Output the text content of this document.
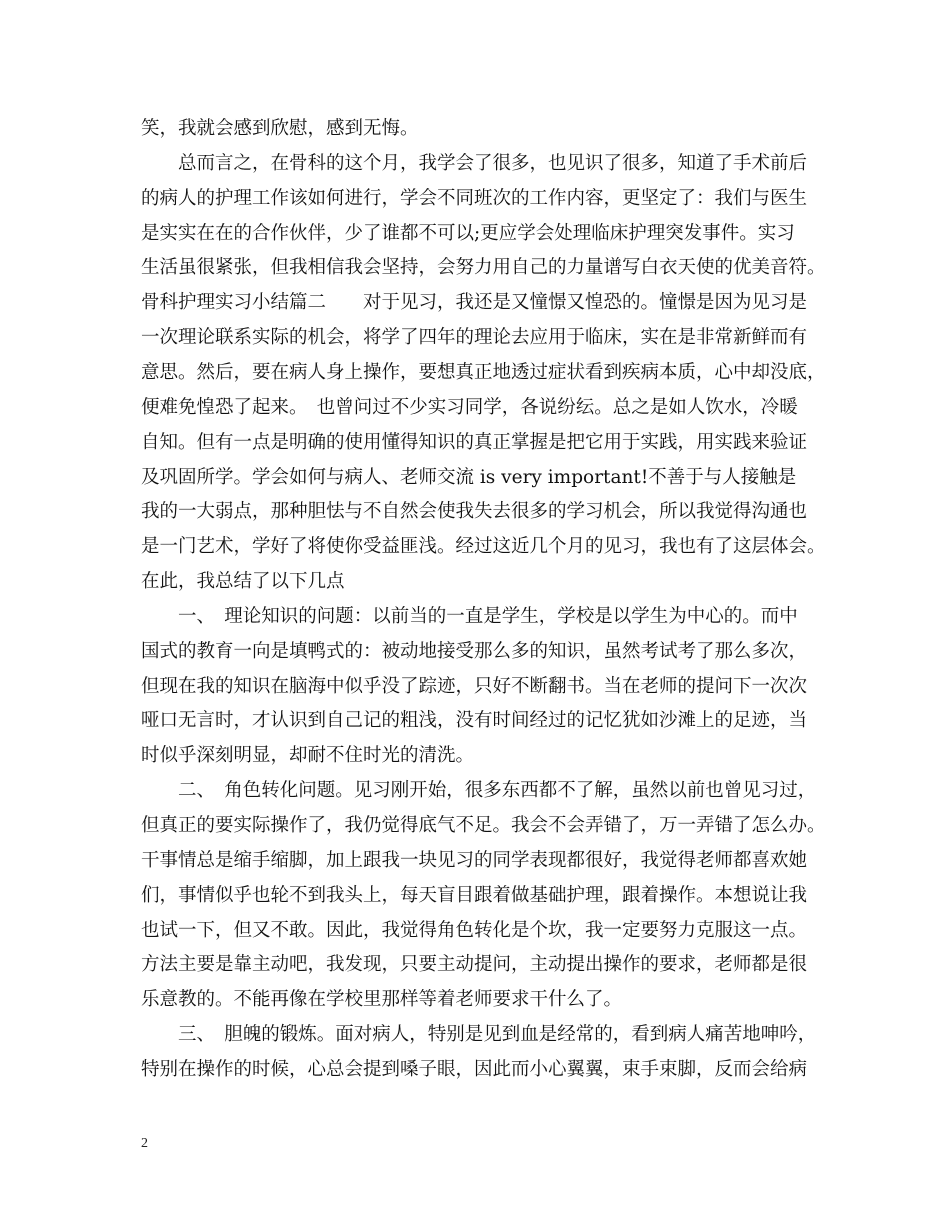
笑，我就会感到欣慰，感到无悔。
　　总而言之，在骨科的这个月，我学会了很多，也见识了很多，知道了手术前后
的病人的护理工作该如何进行，学会不同班次的工作内容，更坚定了：我们与医生
是实实在在的合作伙伴，少了谁都不可以;更应学会处理临床护理突发事件。实习
生活虽很紧张，但我相信我会坚持，会努力用自己的力量谱写白衣天使的优美音符。
骨科护理实习小结篇二　　对于见习，我还是又憧憬又惶恐的。憧憬是因为见习是
一次理论联系实际的机会，将学了四年的理论去应用于临床，实在是非常新鲜而有
意思。然后，要在病人身上操作，要想真正地透过症状看到疾病本质，心中却没底，
便难免惶恐了起来。　也曾问过不少实习同学，各说纷纭。总之是如人饮水，冷暖
自知。但有一点是明确的使用懂得知识的真正掌握是把它用于实践，用实践来验证
及巩固所学。学会如何与病人、老师交流 is very important!不善于与人接触是
我的一大弱点，那种胆怯与不自然会使我失去很多的学习机会，所以我觉得沟通也
是一门艺术，学好了将使你受益匪浅。经过这近几个月的见习，我也有了这层体会。
在此，我总结了以下几点
　　一、　理论知识的问题：以前当的一直是学生，学校是以学生为中心的。而中
国式的教育一向是填鸭式的：被动地接受那么多的知识，虽然考试考了那么多次，
但现在我的知识在脑海中似乎没了踪迹，只好不断翻书。当在老师的提问下一次次
哑口无言时，才认识到自己记的粗浅，没有时间经过的记忆犹如沙滩上的足迹，当
时似乎深刻明显，却耐不住时光的清洗。
　　二、　角色转化问题。见习刚开始，很多东西都不了解，虽然以前也曾见习过，
但真正的要实际操作了，我仍觉得底气不足。我会不会弄错了，万一弄错了怎么办。
干事情总是缩手缩脚，加上跟我一块见习的同学表现都很好，我觉得老师都喜欢她
们，事情似乎也轮不到我头上，每天盲目跟着做基础护理，跟着操作。本想说让我
也试一下，但又不敢。因此，我觉得角色转化是个坎，我一定要努力克服这一点。
方法主要是靠主动吧，我发现，只要主动提问，主动提出操作的要求，老师都是很
乐意教的。不能再像在学校里那样等着老师要求干什么了。
　　三、　胆魄的锻炼。面对病人，特别是见到血是经常的，看到病人痛苦地呻吟，
特别在操作的时候，心总会提到嗓子眼，因此而小心翼翼，束手束脚，反而会给病
2
